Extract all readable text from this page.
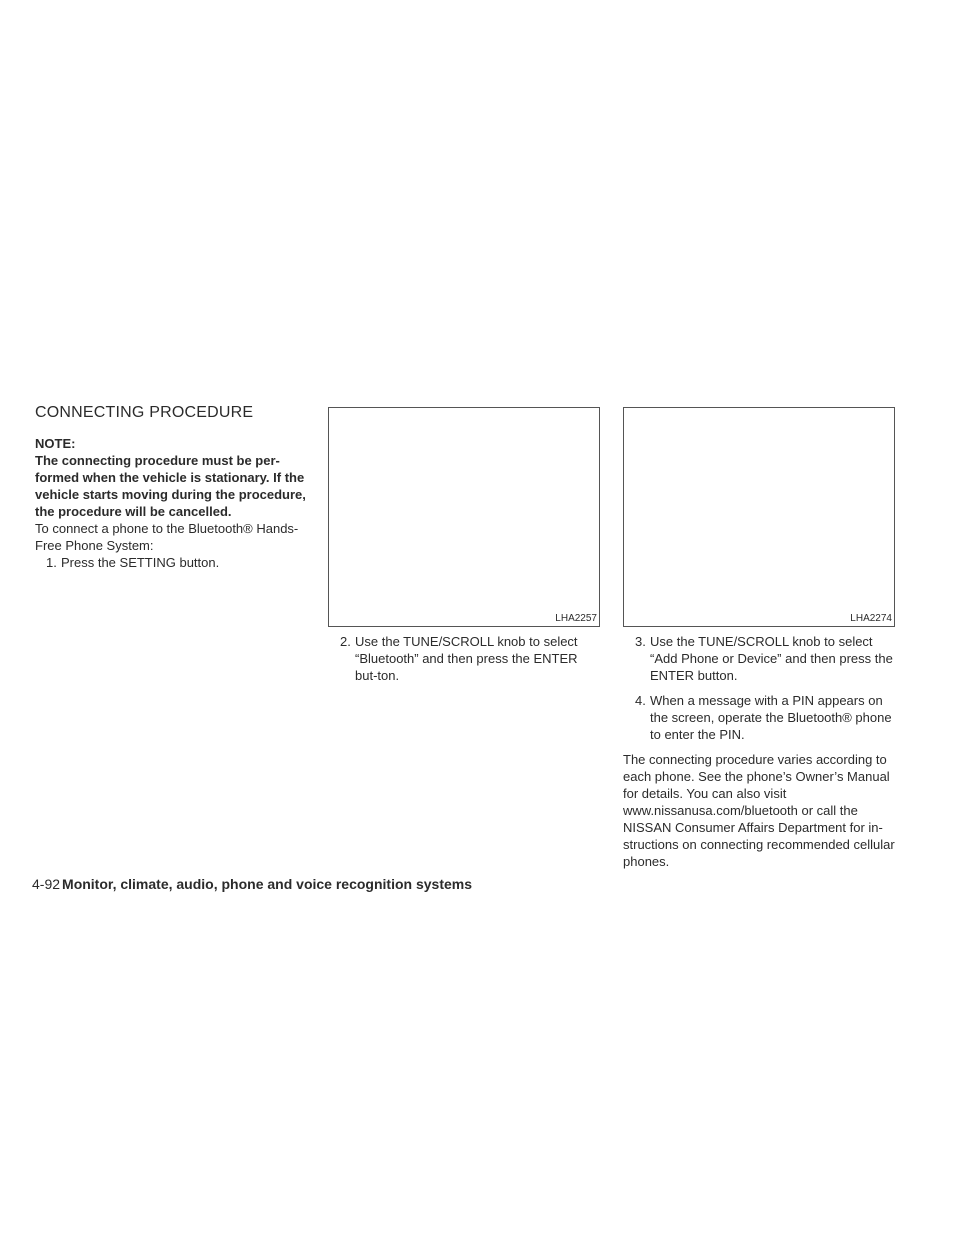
CONNECTING PROCEDURE

NOTE:

The connecting procedure must be per-formed when the vehicle is stationary. If the vehicle starts moving during the procedure, the procedure will be cancelled.

To connect a phone to the Bluetooth® Hands-Free Phone System:

1. Press the SETTING button.

LHA2257

2. Use the TUNE/SCROLL knob to select “Bluetooth” and then press the ENTER but-ton.

LHA2274

3. Use the TUNE/SCROLL knob to select “Add Phone or Device” and then press the ENTER button.

4. When a message with a PIN appears on the screen, operate the Bluetooth® phone to enter the PIN.

The connecting procedure varies according to each phone. See the phone’s Owner’s Manual for details. You can also visit www.nissanusa.com/bluetooth or call the NISSAN Consumer Affairs Department for in-structions on connecting recommended cellular phones.

4-92 Monitor, climate, audio, phone and voice recognition systems
